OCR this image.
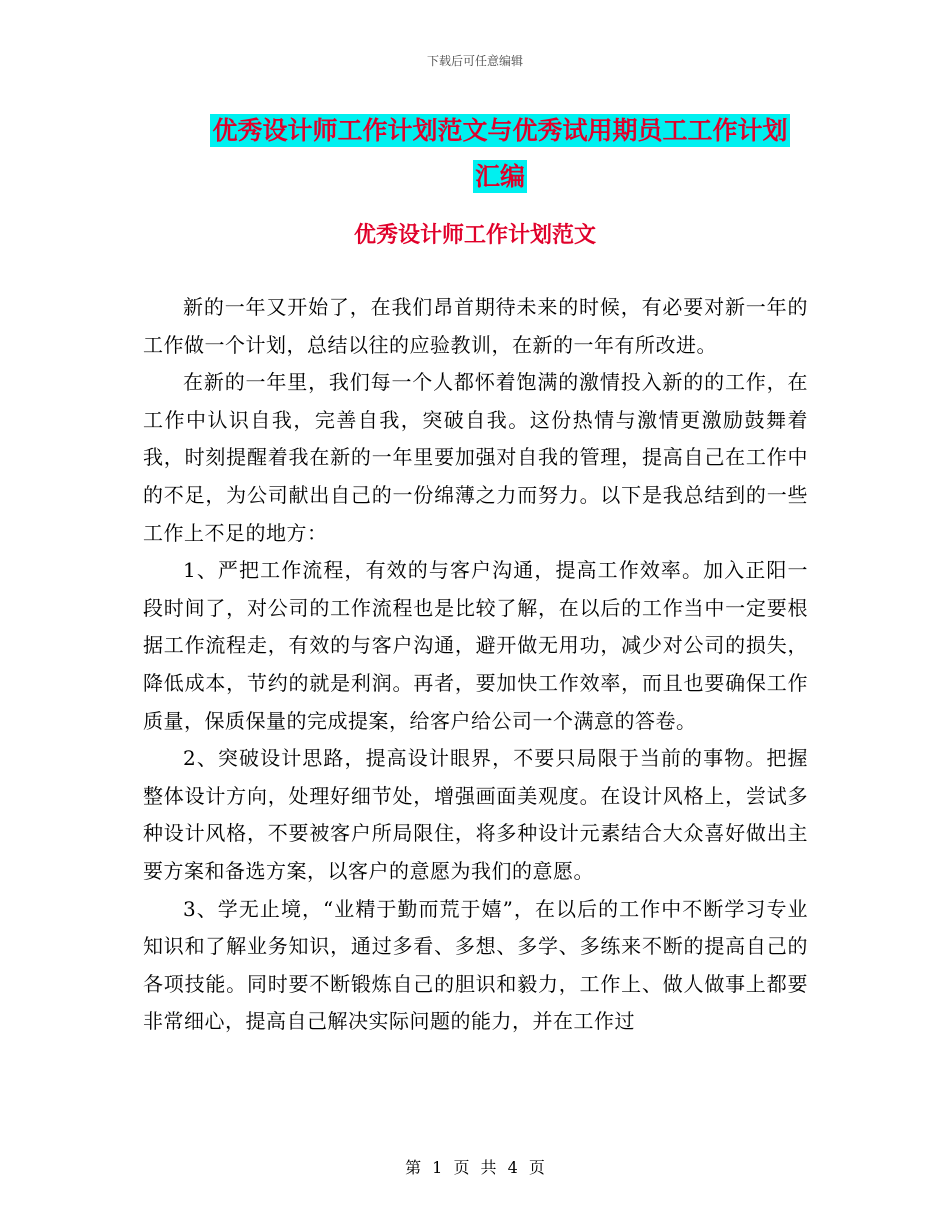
下载后可任意编辑
优秀设计师工作计划范文与优秀试用期员工工作计划
汇编
优秀设计师工作计划范文

新的一年又开始了，在我们昂首期待未来的时候，有必要对新一年的工作做一个计划，总结以往的应验教训，在新的一年有所改进。

在新的一年里，我们每一个人都怀着饱满的激情投入新的的工作，在工作中认识自我，完善自我，突破自我。这份热情与激情更激励鼓舞着我，时刻提醒着我在新的一年里要加强对自我的管理，提高自己在工作中的不足，为公司献出自己的一份绵薄之力而努力。以下是我总结到的一些工作上不足的地方：

1、严把工作流程，有效的与客户沟通，提高工作效率。加入正阳一段时间了，对公司的工作流程也是比较了解，在以后的工作当中一定要根据工作流程走，有效的与客户沟通，避开做无用功，减少对公司的损失，降低成本，节约的就是利润。再者，要加快工作效率，而且也要确保工作质量，保质保量的完成提案，给客户给公司一个满意的答卷。

2、突破设计思路，提高设计眼界，不要只局限于当前的事物。把握整体设计方向，处理好细节处，增强画面美观度。在设计风格上，尝试多种设计风格，不要被客户所局限住，将多种设计元素结合大众喜好做出主要方案和备选方案，以客户的意愿为我们的意愿。

3、学无止境，“业精于勤而荒于嬉”，在以后的工作中不断学习专业知识和了解业务知识，通过多看、多想、多学、多练来不断的提高自己的各项技能。同时要不断锻炼自己的胆识和毅力，工作上、做人做事上都要非常细心，提高自己解决实际问题的能力，并在工作过

第 1 页 共 4 页
